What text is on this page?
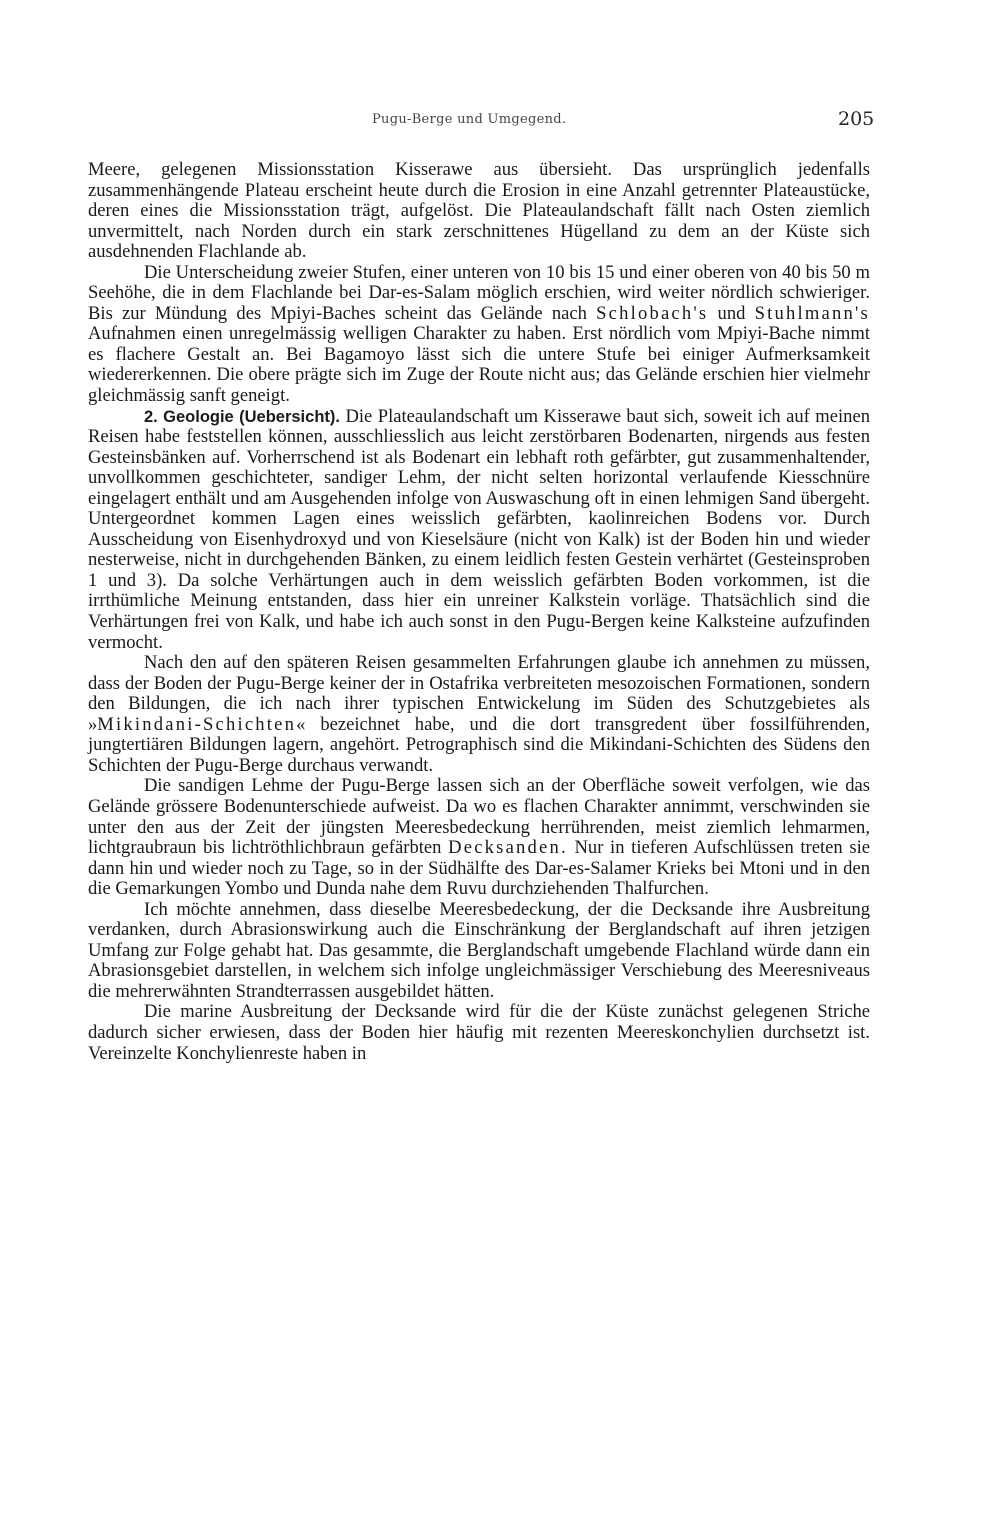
Pugu-Berge und Umgegend.	205

Meere, gelegenen Missionsstation Kisserawe aus übersieht. Das ursprünglich jedenfalls zusammenhängende Plateau erscheint heute durch die Erosion in eine Anzahl getrennter Plateaustücke, deren eines die Missionsstation trägt, aufgelöst. Die Plateaulandschaft fällt nach Osten ziemlich unvermittelt, nach Norden durch ein stark zerschnittenes Hügelland zu dem an der Küste sich ausdehnenden Flachlande ab.

Die Unterscheidung zweier Stufen, einer unteren von 10 bis 15 und einer oberen von 40 bis 50 m Seehöhe, die in dem Flachlande bei Dar-es-Salam möglich erschien, wird weiter nördlich schwieriger. Bis zur Mündung des Mpiyi-Baches scheint das Gelände nach Schlobach's und Stuhlmann's Aufnahmen einen unregelmässig welligen Charakter zu haben. Erst nördlich vom Mpiyi-Bache nimmt es flachere Gestalt an. Bei Bagamoyo lässt sich die untere Stufe bei einiger Aufmerksamkeit wiedererkennen. Die obere prägte sich im Zuge der Route nicht aus; das Gelände erschien hier vielmehr gleichmässig sanft geneigt.

2. Geologie (Uebersicht). Die Plateaulandschaft um Kisserawe baut sich, soweit ich auf meinen Reisen habe feststellen können, ausschliesslich aus leicht zerstörbaren Bodenarten, nirgends aus festen Gesteinsbänken auf. Vorherrschend ist als Bodenart ein lebhaft roth gefärbter, gut zusammenhaltender, unvollkommen geschichteter, sandiger Lehm, der nicht selten horizontal verlaufende Kiesschnüre eingelagert enthält und am Ausgehenden infolge von Auswaschung oft in einen lehmigen Sand übergeht. Untergeordnet kommen Lagen eines weisslich gefärbten, kaolinreichen Bodens vor. Durch Ausscheidung von Eisenhydroxyd und von Kieselsäure (nicht von Kalk) ist der Boden hin und wieder nesterweise, nicht in durchgehenden Bänken, zu einem leidlich festen Gestein verhärtet (Gesteinsproben 1 und 3). Da solche Verhärtungen auch in dem weisslich gefärbten Boden vorkommen, ist die irrthümliche Meinung entstanden, dass hier ein unreiner Kalkstein vorläge. Thatsächlich sind die Verhärtungen frei von Kalk, und habe ich auch sonst in den Pugu-Bergen keine Kalksteine aufzufinden vermocht.

Nach den auf den späteren Reisen gesammelten Erfahrungen glaube ich annehmen zu müssen, dass der Boden der Pugu-Berge keiner der in Ostafrika verbreiteten mesozoischen Formationen, sondern den Bildungen, die ich nach ihrer typischen Entwickelung im Süden des Schutzgebietes als »Mikindani-Schichten« bezeichnet habe, und die dort transgredent über fossilführenden, jungtertiären Bildungen lagern, angehört. Petrographisch sind die Mikindani-Schichten des Südens den Schichten der Pugu-Berge durchaus verwandt.

Die sandigen Lehme der Pugu-Berge lassen sich an der Oberfläche soweit verfolgen, wie das Gelände grössere Bodenunterschiede aufweist. Da wo es flachen Charakter annimmt, verschwinden sie unter den aus der Zeit der jüngsten Meeresbedeckung herrührenden, meist ziemlich lehmarmen, lichtgraubraun bis lichtröthlichbraun gefärbten Decksanden. Nur in tieferen Aufschlüssen treten sie dann hin und wieder noch zu Tage, so in der Südhälfte des Dar-es-Salamer Krieks bei Mtoni und in den die Gemarkungen Yombo und Dunda nahe dem Ruvu durchziehenden Thalfurchen.

Ich möchte annehmen, dass dieselbe Meeresbedeckung, der die Decksande ihre Ausbreitung verdanken, durch Abrasionswirkung auch die Einschränkung der Berglandschaft auf ihren jetzigen Umfang zur Folge gehabt hat. Das gesammte, die Berglandschaft umgebende Flachland würde dann ein Abrasionsgebiet darstellen, in welchem sich infolge ungleichmässiger Verschiebung des Meeresniveaus die mehrerwähnten Strandterrassen ausgebildet hätten.

Die marine Ausbreitung der Decksande wird für die der Küste zunächst gelegenen Striche dadurch sicher erwiesen, dass der Boden hier häufig mit rezenten Meereskonchylien durchsetzt ist. Vereinzelte Konchylienreste haben in
